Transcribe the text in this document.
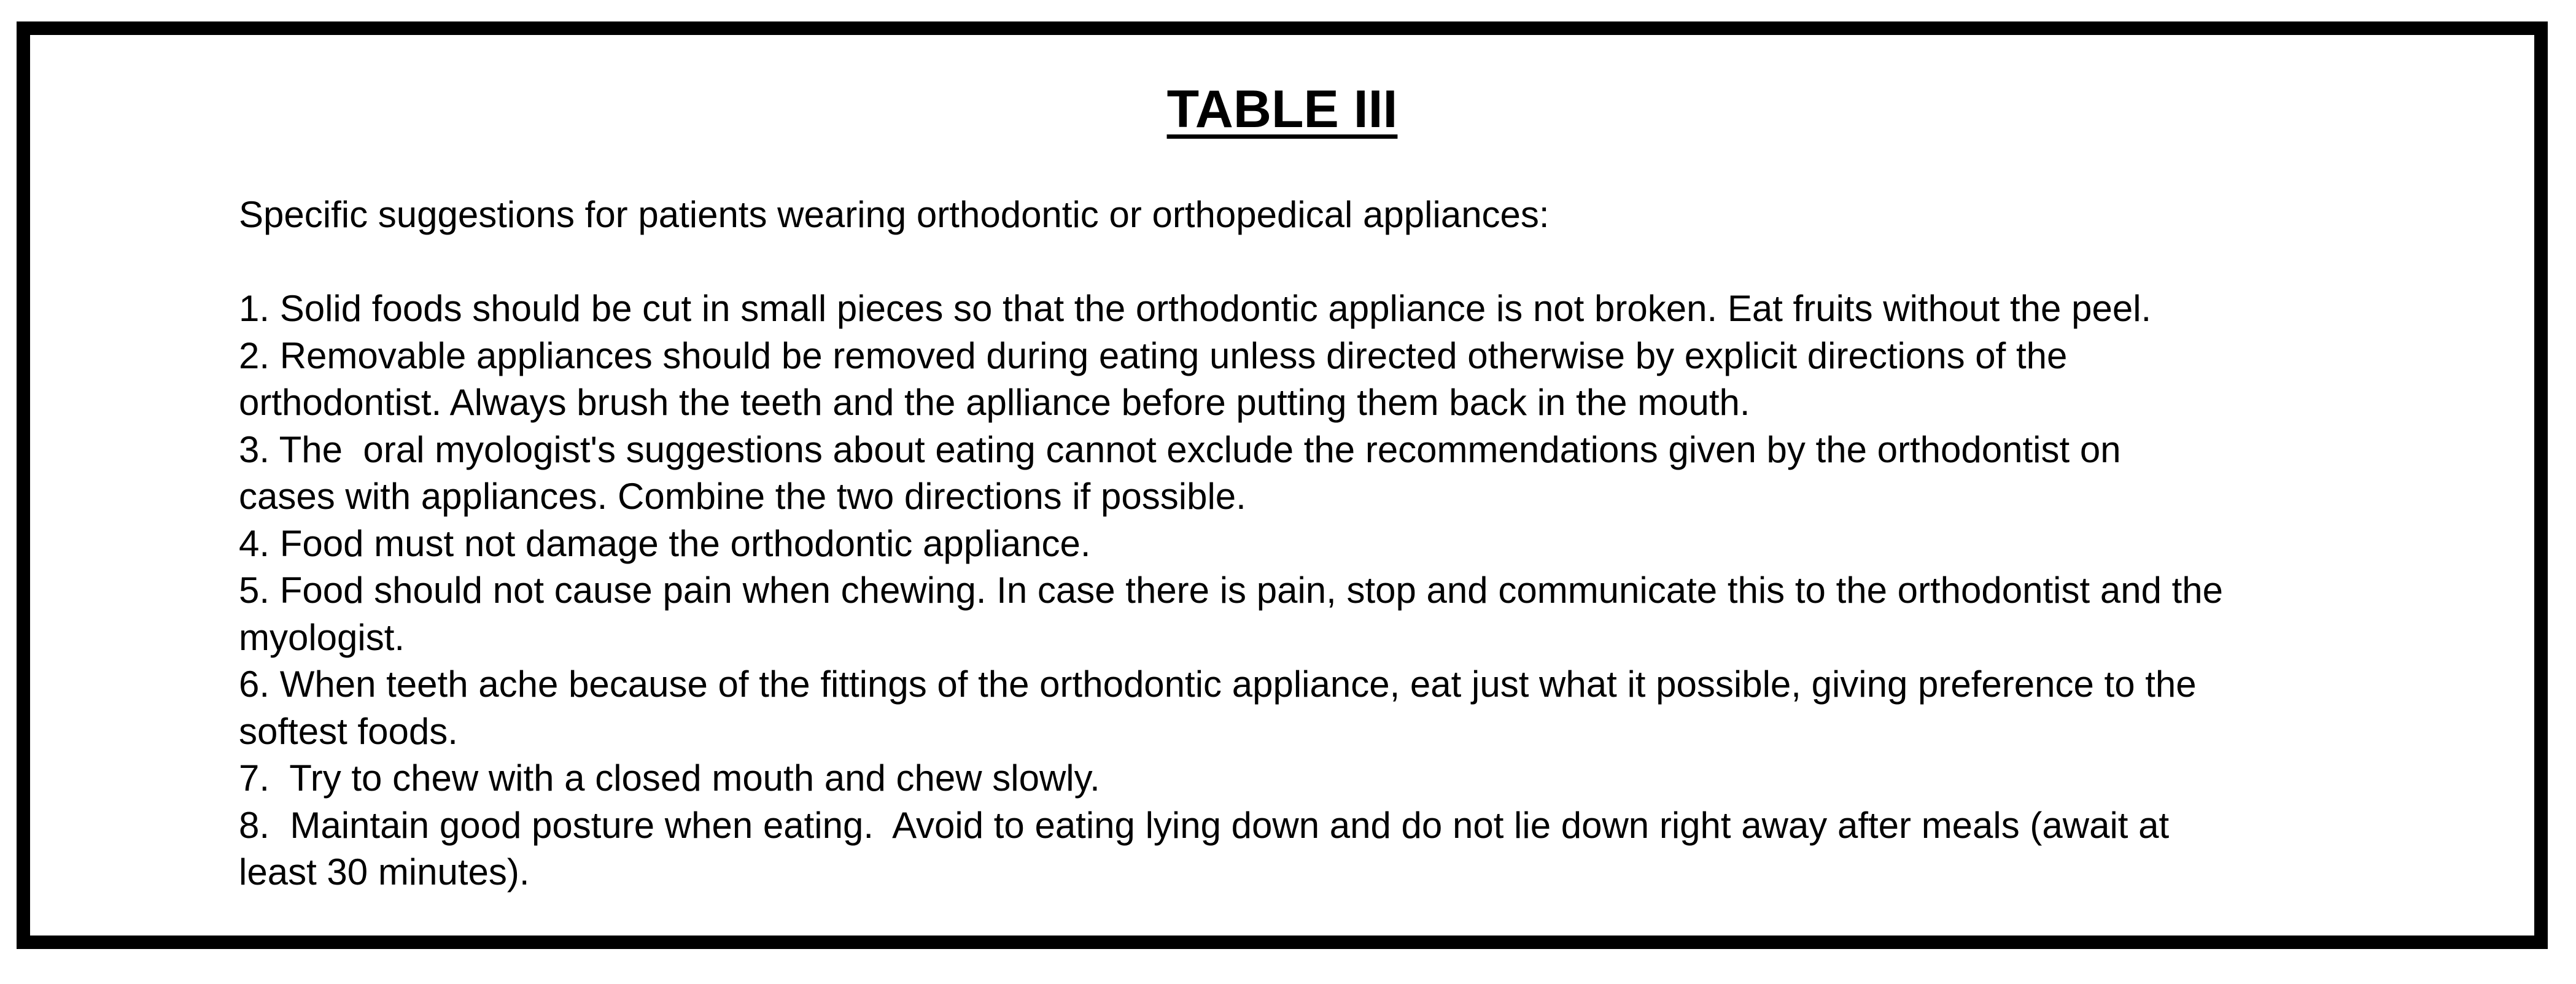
TABLE III
Specific suggestions for patients wearing orthodontic or orthopedical appliances:
1. Solid foods should be cut in small pieces so that the orthodontic appliance is not broken. Eat fruits without the peel.
2. Removable appliances should be removed during eating unless directed otherwise by explicit directions of the
orthodontist. Always brush the teeth and the aplliance before putting them back in the mouth.
3. The  oral myologist's suggestions about eating cannot exclude the recommendations given by the orthodontist on
cases with appliances. Combine the two directions if possible.
4. Food must not damage the orthodontic appliance.
5. Food should not cause pain when chewing. In case there is pain, stop and communicate this to the orthodontist and the
myologist.
6. When teeth ache because of the fittings of the orthodontic appliance, eat just what it possible, giving preference to the
softest foods.
7.  Try to chew with a closed mouth and chew slowly.
8.  Maintain good posture when eating.  Avoid to eating lying down and do not lie down right away after meals (await at
least 30 minutes).
